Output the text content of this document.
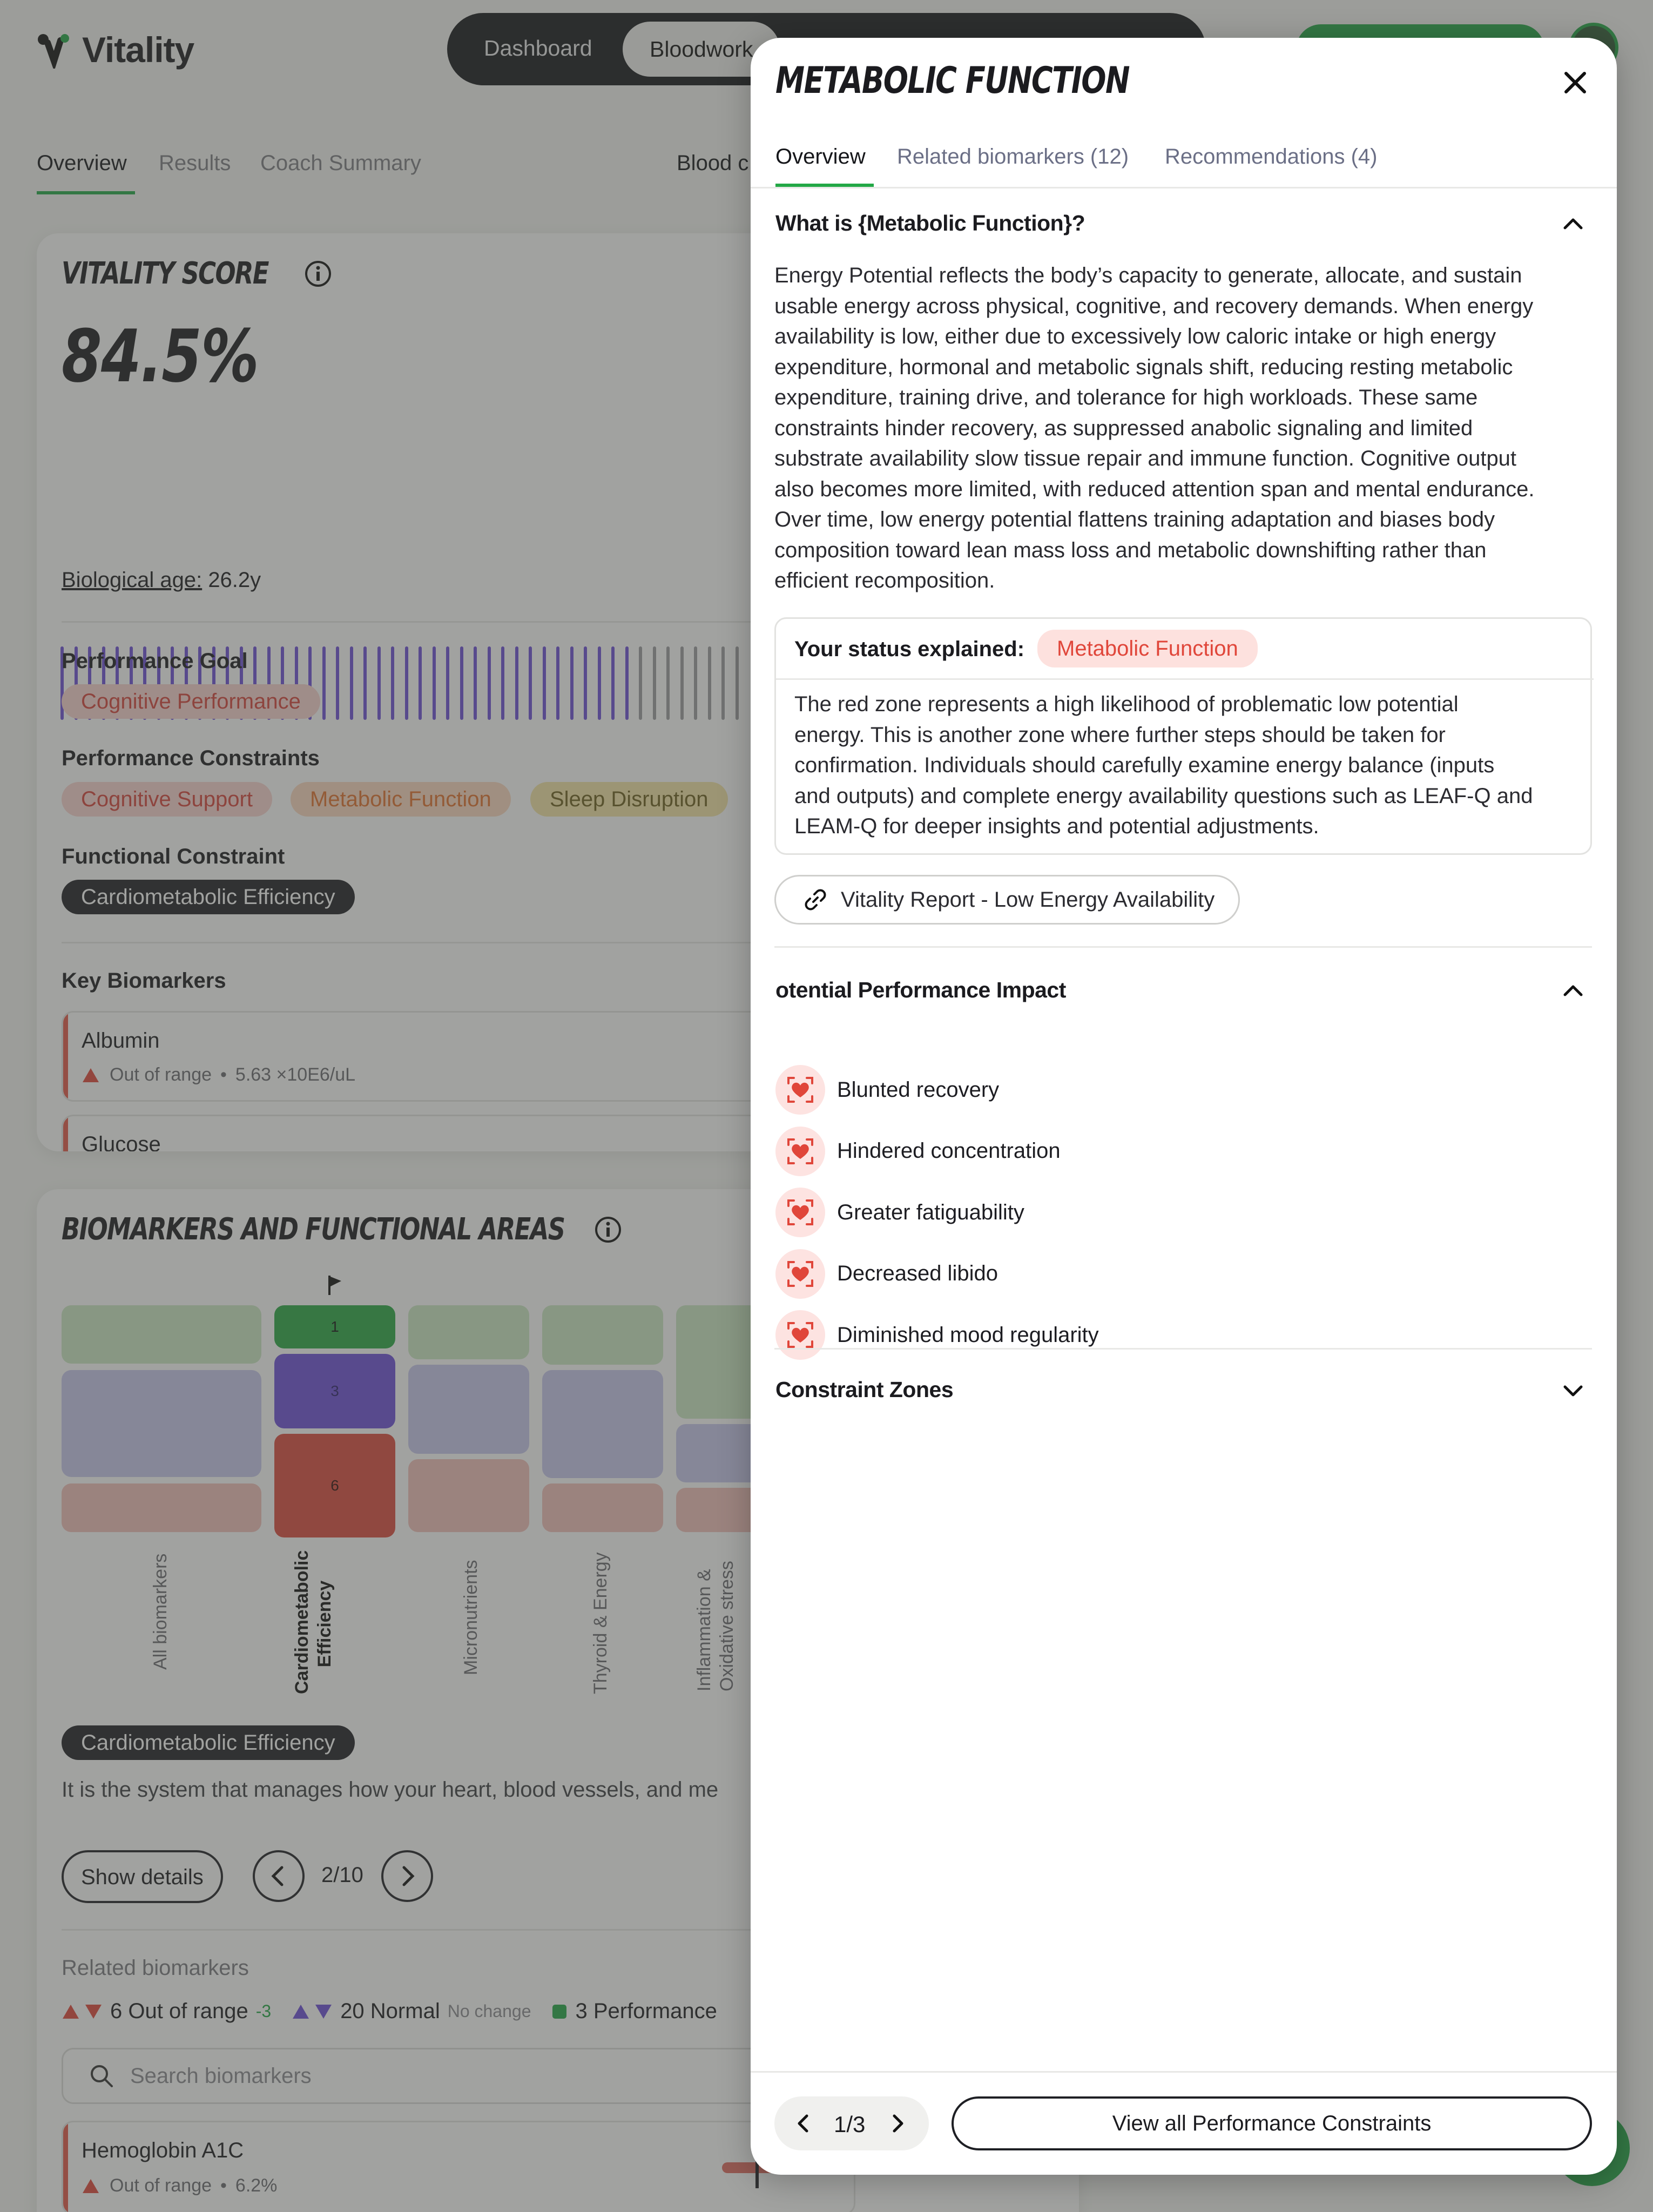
METABOLIC FUNCTION
Overview Related biomarkers (12) Recommendations (4)
What is {Metabolic Function}?
Energy Potential reflects the body’s capacity to generate, allocate, and sustain
usable energy across physical, cognitive, and recovery demands. When energy
availability is low, either due to excessively low caloric intake or high energy
expenditure, hormonal and metabolic signals shift, reducing resting metabolic
expenditure, training drive, and tolerance for high workloads. These same
constraints hinder recovery, as suppressed anabolic signaling and limited
substrate availability slow tissue repair and immune function. Cognitive output
also becomes more limited, with reduced attention span and mental endurance.
Over time, low energy potential flattens training adaptation and biases body
composition toward lean mass loss and metabolic downshifting rather than
efficient recomposition.
Your status explained:	Metabolic Function
The red zone represents a high likelihood of problematic low potential
energy. This is another zone where further steps should be taken for
confirmation. Individuals should carefully examine energy balance (inputs
and outputs) and complete energy availability questions such as LEAF-Q and
LEAM-Q for deeper insights and potential adjustments.
Vitality Report - Low Energy Availability
otential Performance Impact
Blunted recovery
Hindered concentration
Greater fatiguability
Decreased libido
Diminished mood regularity
Constraint Zones
1/3	View all Performance Constraints
